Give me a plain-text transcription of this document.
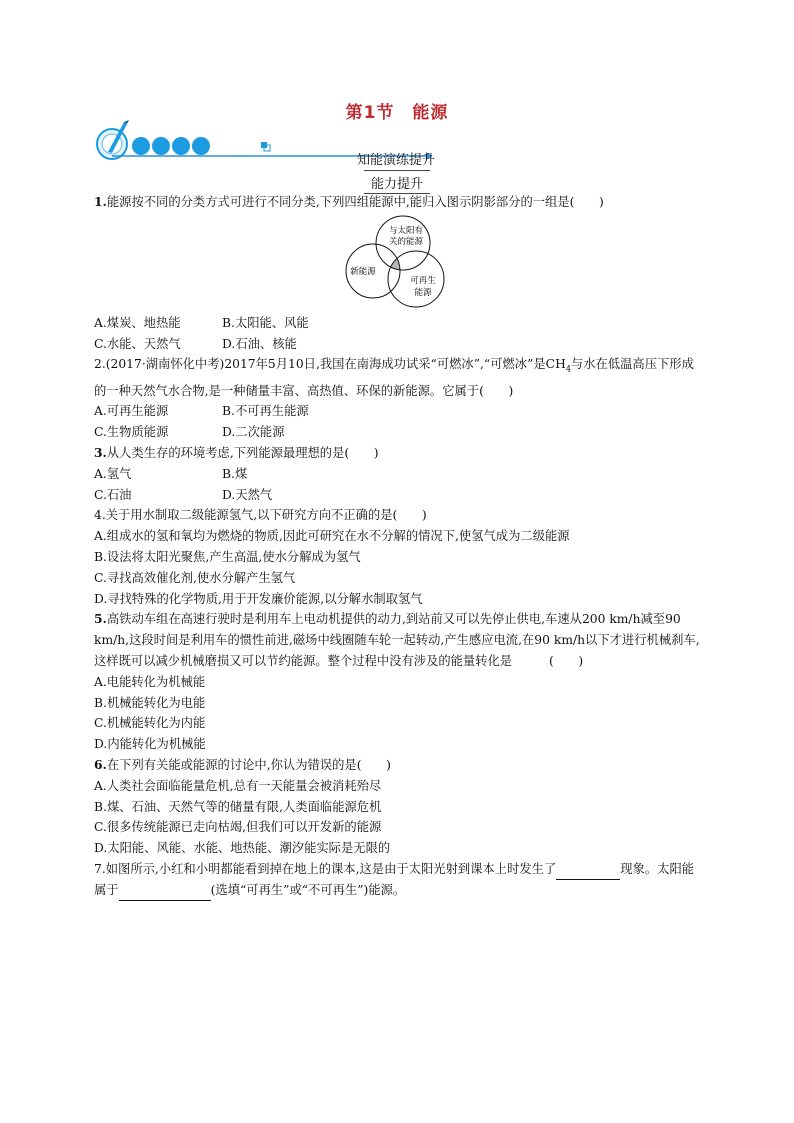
第1节　能源
知能演练提升
能力提升

1.能源按不同的分类方式可进行不同分类,下列四组能源中,能归入图示阴影部分的一组是(　　)

与太阳有
关的能源
新能源
可再生
能源
A.煤炭、地热能	B.太阳能、风能
C.水能、天然气	D.石油、核能

2.(2017·湖南怀化中考)2017年5月10日,我国在南海成功试采“可燃冰”,“可燃冰”是$CH_4$与水在低温高压下形成的一种天然气水合物,是一种储量丰富、高热值、环保的新能源。它属于(　　)

A.可再生能源	B.不可再生能源
C.生物质能源	D.二次能源

3.从人类生存的环境考虑,下列能源最理想的是(　　)

A.氢气	B.煤
C.石油	D.天然气

4.关于用水制取二级能源氢气,以下研究方向不正确的是(　　)

A.组成水的氢和氧均为燃烧的物质,因此可研究在水不分解的情况下,使氢气成为二级能源
B.设法将太阳光聚焦,产生高温,使水分解成为氢气
C.寻找高效催化剂,使水分解产生氢气
D.寻找特殊的化学物质,用于开发廉价能源,以分解水制取氢气

5.高铁动车组在高速行驶时是利用车上电动机提供的动力,到站前又可以先停止供电,车速从200 km/h减至90 km/h,这段时间是利用车的惯性前进,磁场中线圈随车轮一起转动,产生感应电流,在90 km/h以下才进行机械刹车,这样既可以减少机械磨损又可以节约能源。整个过程中没有涉及的能量转化是　　　(　　)

A.电能转化为机械能
B.机械能转化为电能
C.机械能转化为内能
D.内能转化为机械能

6.在下列有关能或能源的讨论中,你认为错误的是(　　)

A.人类社会面临能量危机,总有一天能量会被消耗殆尽
B.煤、石油、天然气等的储量有限,人类面临能源危机
C.很多传统能源已走向枯竭,但我们可以开发新的能源
D.太阳能、风能、水能、地热能、潮汐能实际是无限的

7.如图所示,小红和小明都能看到掉在地上的课本,这是由于太阳光射到课本上时发生了	现象。太阳能属于	(选填“可再生”或“不可再生”)能源。
